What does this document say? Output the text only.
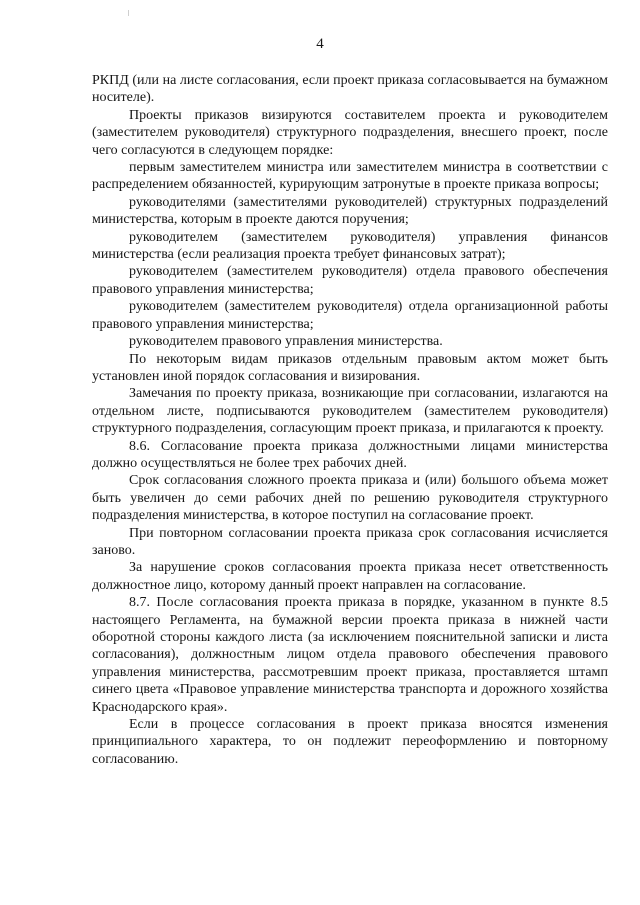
4

РКПД (или на листе согласования, если проект приказа согласовывается на бумажном носителе).

Проекты приказов визируются составителем проекта и руководителем (заместителем руководителя) структурного подразделения, внесшего проект, после чего согласуются в следующем порядке:

первым заместителем министра или заместителем министра в соответствии с распределением обязанностей, курирующим затронутые в проекте приказа вопросы;

руководителями (заместителями руководителей) структурных подразделений министерства, которым в проекте даются поручения;

руководителем (заместителем руководителя) управления финансов министерства (если реализация проекта требует финансовых затрат);

руководителем (заместителем руководителя) отдела правового обеспечения правового управления министерства;

руководителем (заместителем руководителя) отдела организационной работы правового управления министерства;

руководителем правового управления министерства.

По некоторым видам приказов отдельным правовым актом может быть установлен иной порядок согласования и визирования.

Замечания по проекту приказа, возникающие при согласовании, излагаются на отдельном листе, подписываются руководителем (заместителем руководителя) структурного подразделения, согласующим проект приказа, и прилагаются к проекту.

8.6. Согласование проекта приказа должностными лицами министерства должно осуществляться не более трех рабочих дней.

Срок согласования сложного проекта приказа и (или) большого объема может быть увеличен до семи рабочих дней по решению руководителя структурного подразделения министерства, в которое поступил на согласование проект.

При повторном согласовании проекта приказа срок согласования исчисляется заново.

За нарушение сроков согласования проекта приказа несет ответственность должностное лицо, которому данный проект направлен на согласование.

8.7. После согласования проекта приказа в порядке, указанном в пункте 8.5 настоящего Регламента, на бумажной версии проекта приказа в нижней части оборотной стороны каждого листа (за исключением пояснительной записки и листа согласования), должностным лицом отдела правового обеспечения правового управления министерства, рассмотревшим проект приказа, проставляется штамп синего цвета «Правовое управление министерства транспорта и дорожного хозяйства Краснодарского края».

Если в процессе согласования в проект приказа вносятся изменения принципиального характера, то он подлежит переоформлению и повторному согласованию.
